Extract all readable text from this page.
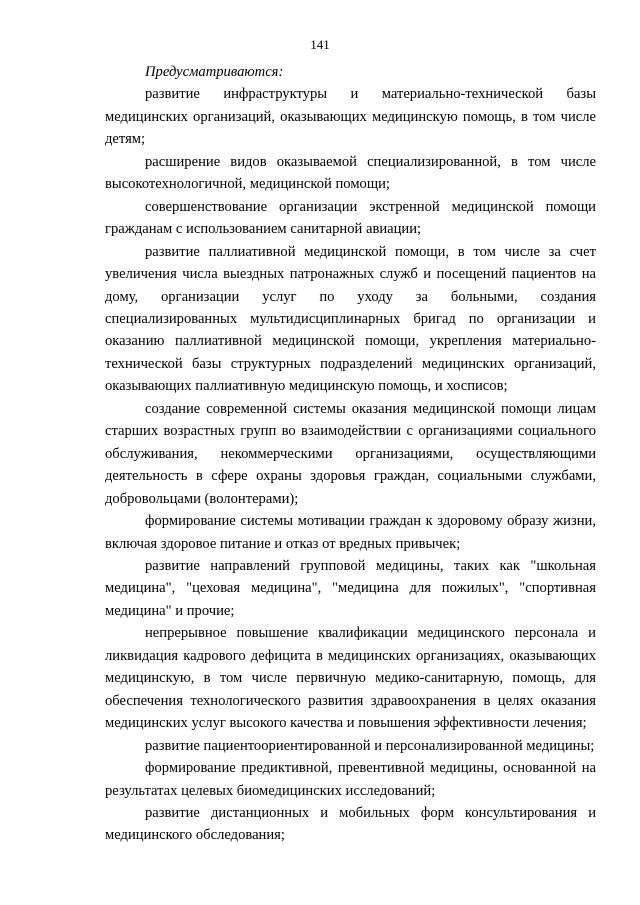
141

Предусматриваются:

развитие инфраструктуры и материально-технической базы медицинских организаций, оказывающих медицинскую помощь, в том числе детям;

расширение видов оказываемой специализированной, в том числе высокотехнологичной, медицинской помощи;

совершенствование организации экстренной медицинской помощи гражданам с использованием санитарной авиации;

развитие паллиативной медицинской помощи, в том числе за счет увеличения числа выездных патронажных служб и посещений пациентов на дому, организации услуг по уходу за больными, создания специализированных мультидисциплинарных бригад по организации и оказанию паллиативной медицинской помощи, укрепления материально-технической базы структурных подразделений медицинских организаций, оказывающих паллиативную медицинскую помощь, и хосписов;

создание современной системы оказания медицинской помощи лицам старших возрастных групп во взаимодействии с организациями социального обслуживания, некоммерческими организациями, осуществляющими деятельность в сфере охраны здоровья граждан, социальными службами, добровольцами (волонтерами);

формирование системы мотивации граждан к здоровому образу жизни, включая здоровое питание и отказ от вредных привычек;

развитие направлений групповой медицины, таких как "школьная медицина", "цеховая медицина", "медицина для пожилых", "спортивная медицина" и прочие;

непрерывное повышение квалификации медицинского персонала и ликвидация кадрового дефицита в медицинских организациях, оказывающих медицинскую, в том числе первичную медико-санитарную, помощь, для обеспечения технологического развития здравоохранения в целях оказания медицинских услуг высокого качества и повышения эффективности лечения;

развитие пациентоориентированной и персонализированной медицины;

формирование предиктивной, превентивной медицины, основанной на результатах целевых биомедицинских исследований;

развитие дистанционных и мобильных форм консультирования и медицинского обследования;
